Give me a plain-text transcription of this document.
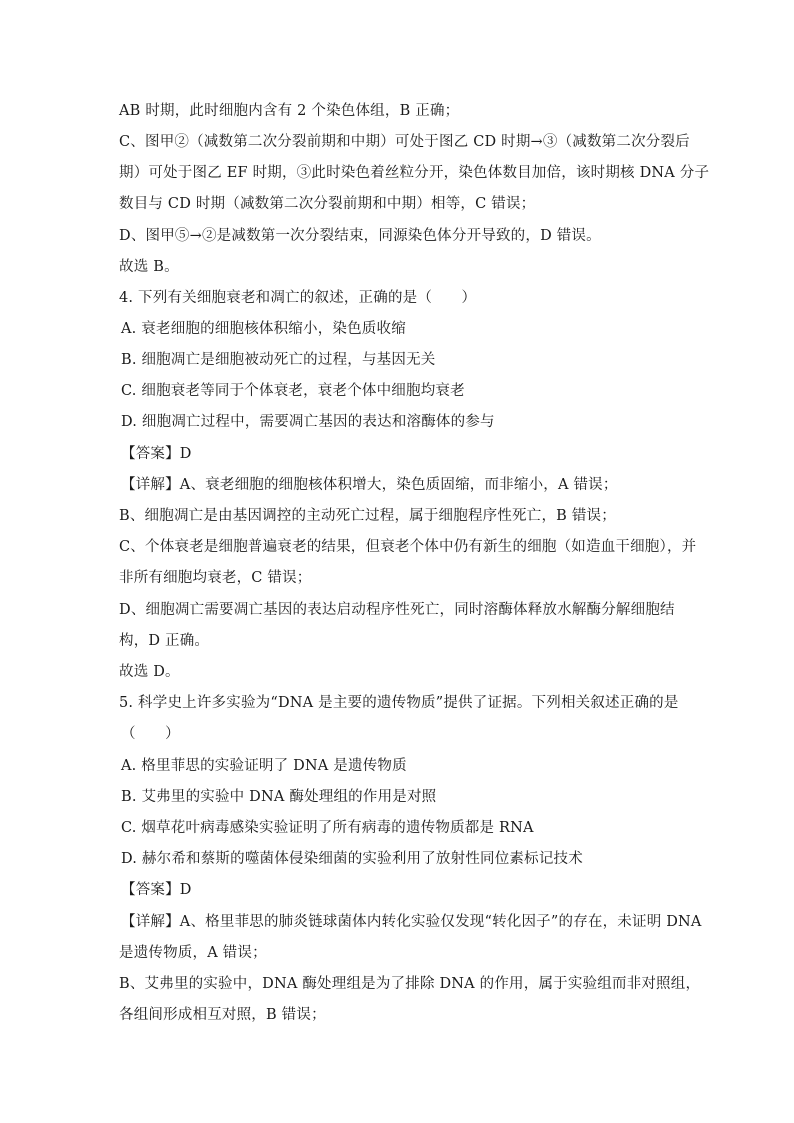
AB 时期，此时细胞内含有 2 个染色体组，B 正确；
C、图甲②（减数第二次分裂前期和中期）可处于图乙 CD 时期→③（减数第二次分裂后
期）可处于图乙 EF 时期，③此时染色着丝粒分开，染色体数目加倍，该时期核 DNA 分子
数目与 CD 时期（减数第二次分裂前期和中期）相等，C 错误；
D、图甲⑤→②是减数第一次分裂结束，同源染色体分开导致的，D 错误。
故选 B。
4. 下列有关细胞衰老和凋亡的叙述，正确的是（　　）
A. 衰老细胞的细胞核体积缩小，染色质收缩
B. 细胞凋亡是细胞被动死亡的过程，与基因无关
C. 细胞衰老等同于个体衰老，衰老个体中细胞均衰老
D. 细胞凋亡过程中，需要凋亡基因的表达和溶酶体的参与
【答案】D
【详解】A、衰老细胞的细胞核体积增大，染色质固缩，而非缩小，A 错误；
B、细胞凋亡是由基因调控的主动死亡过程，属于细胞程序性死亡，B 错误；
C、个体衰老是细胞普遍衰老的结果，但衰老个体中仍有新生的细胞（如造血干细胞），并
非所有细胞均衰老，C 错误；
D、细胞凋亡需要凋亡基因的表达启动程序性死亡，同时溶酶体释放水解酶分解细胞结
构，D 正确。
故选 D。
5. 科学史上许多实验为“DNA 是主要的遗传物质”提供了证据。下列相关叙述正确的是
（　　）
A. 格里菲思的实验证明了 DNA 是遗传物质
B. 艾弗里的实验中 DNA 酶处理组的作用是对照
C. 烟草花叶病毒感染实验证明了所有病毒的遗传物质都是 RNA
D. 赫尔希和蔡斯的噬菌体侵染细菌的实验利用了放射性同位素标记技术
【答案】D
【详解】A、格里菲思的肺炎链球菌体内转化实验仅发现“转化因子”的存在，未证明 DNA
是遗传物质，A 错误；
B、艾弗里的实验中，DNA 酶处理组是为了排除 DNA 的作用，属于实验组而非对照组，
各组间形成相互对照，B 错误；
